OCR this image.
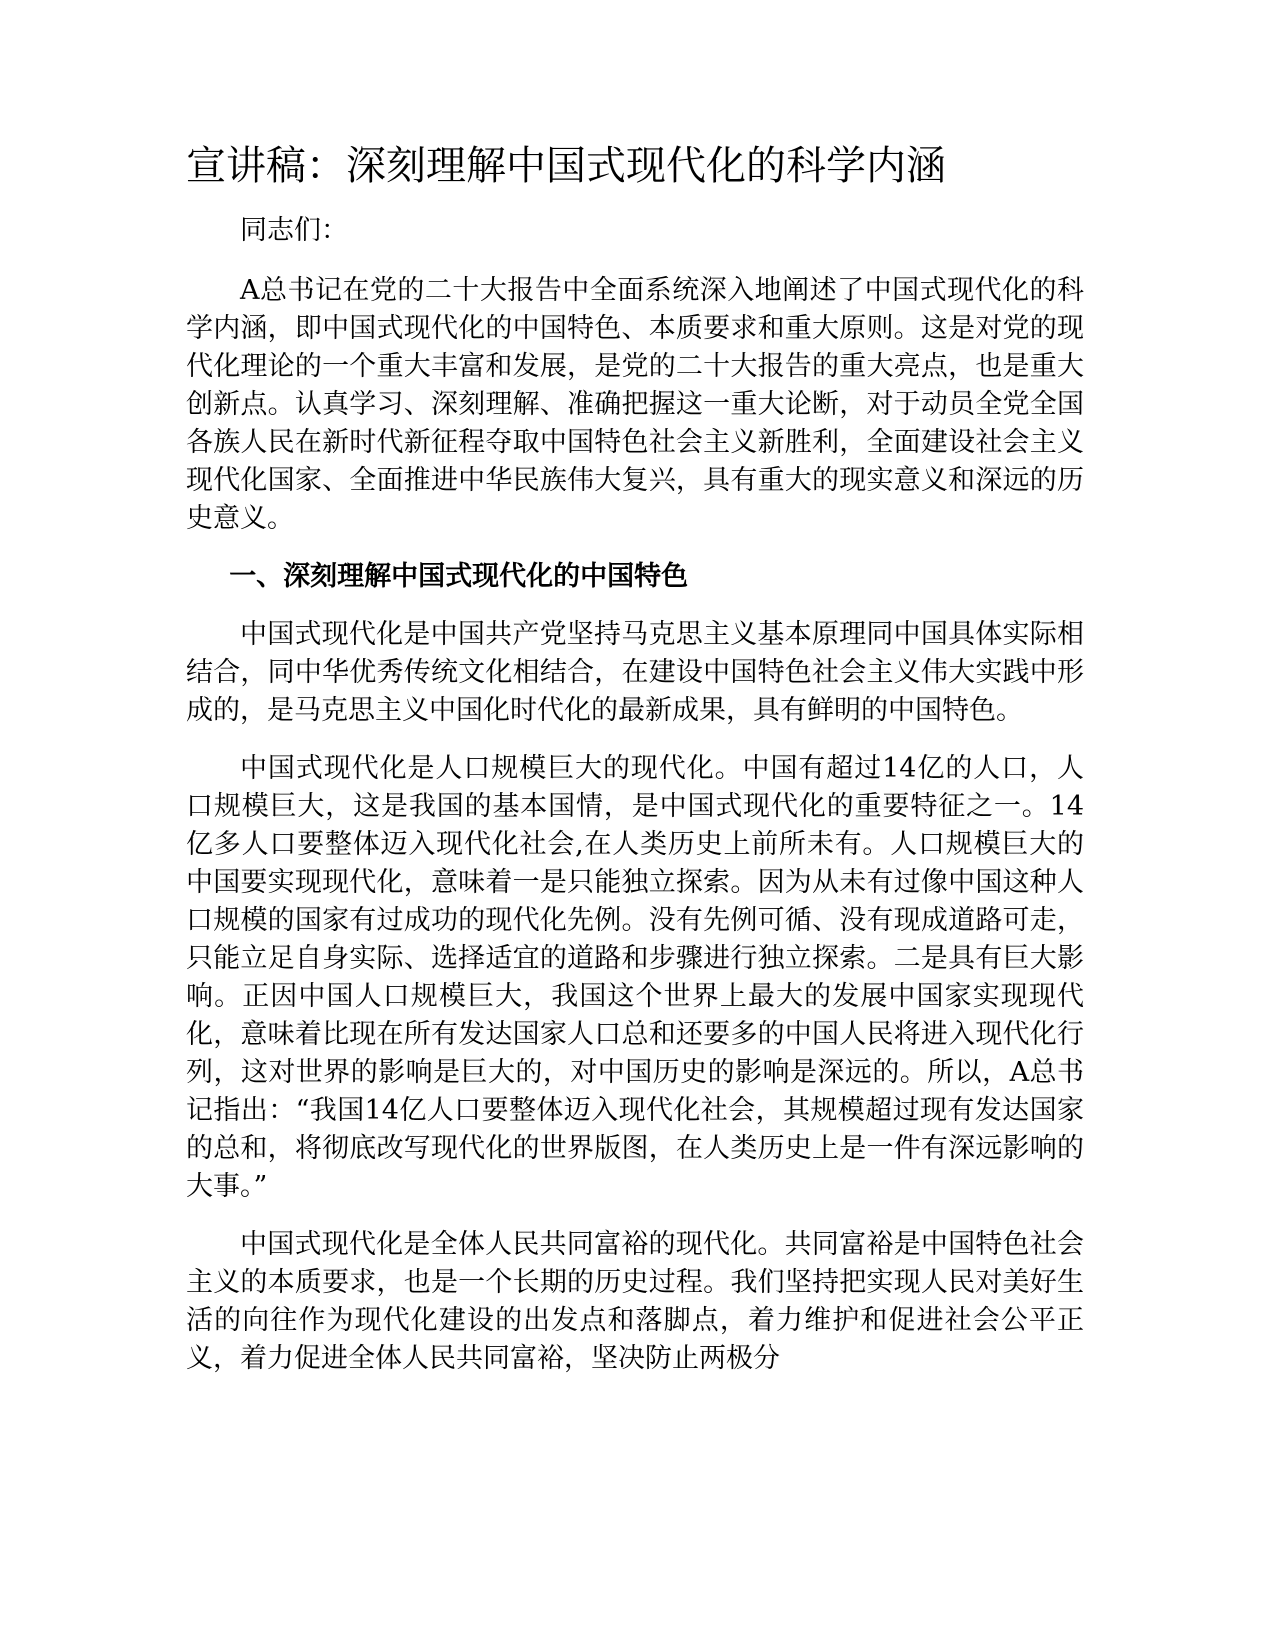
宣讲稿：深刻理解中国式现代化的科学内涵

同志们：

A总书记在党的二十大报告中全面系统深入地阐述了中国式现代化的科学内涵，即中国式现代化的中国特色、本质要求和重大原则。这是对党的现代化理论的一个重大丰富和发展，是党的二十大报告的重大亮点，也是重大创新点。认真学习、深刻理解、准确把握这一重大论断，对于动员全党全国各族人民在新时代新征程夺取中国特色社会主义新胜利，全面建设社会主义现代化国家、全面推进中华民族伟大复兴，具有重大的现实意义和深远的历史意义。

一、深刻理解中国式现代化的中国特色

中国式现代化是中国共产党坚持马克思主义基本原理同中国具体实际相结合，同中华优秀传统文化相结合，在建设中国特色社会主义伟大实践中形成的，是马克思主义中国化时代化的最新成果，具有鲜明的中国特色。

中国式现代化是人口规模巨大的现代化。中国有超过14亿的人口，人口规模巨大，这是我国的基本国情，是中国式现代化的重要特征之一。14亿多人口要整体迈入现代化社会,在人类历史上前所未有。人口规模巨大的中国要实现现代化，意味着一是只能独立探索。因为从未有过像中国这种人口规模的国家有过成功的现代化先例。没有先例可循、没有现成道路可走，只能立足自身实际、选择适宜的道路和步骤进行独立探索。二是具有巨大影响。正因中国人口规模巨大，我国这个世界上最大的发展中国家实现现代化，意味着比现在所有发达国家人口总和还要多的中国人民将进入现代化行列，这对世界的影响是巨大的，对中国历史的影响是深远的。所以，A总书记指出：“我国14亿人口要整体迈入现代化社会，其规模超过现有发达国家的总和，将彻底改写现代化的世界版图，在人类历史上是一件有深远影响的大事。”

中国式现代化是全体人民共同富裕的现代化。共同富裕是中国特色社会主义的本质要求，也是一个长期的历史过程。我们坚持把实现人民对美好生活的向往作为现代化建设的出发点和落脚点，着力维护和促进社会公平正义，着力促进全体人民共同富裕，坚决防止两极分
